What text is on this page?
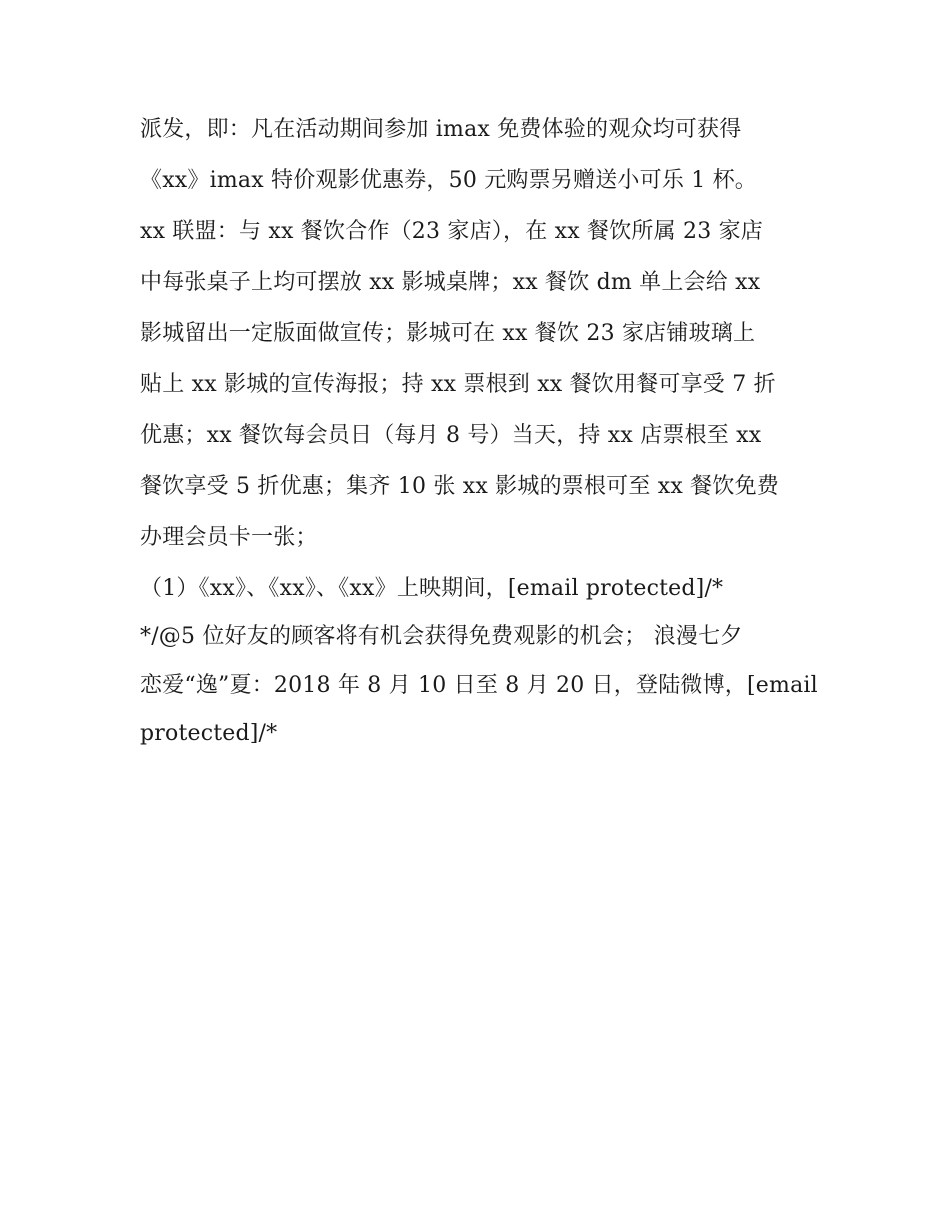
派发，即：凡在活动期间参加 imax 免费体验的观众均可获得
《xx》imax 特价观影优惠券，50 元购票另赠送小可乐 1 杯。
xx 联盟：与 xx 餐饮合作（23 家店），在 xx 餐饮所属 23 家店
中每张桌子上均可摆放 xx 影城桌牌；xx 餐饮 dm 单上会给 xx
影城留出一定版面做宣传；影城可在 xx 餐饮 23 家店铺玻璃上
贴上 xx 影城的宣传海报；持 xx 票根到 xx 餐饮用餐可享受 7 折
优惠；xx 餐饮每会员日（每月 8 号）当天，持 xx 店票根至 xx
餐饮享受 5 折优惠；集齐 10 张 xx 影城的票根可至 xx 餐饮免费
办理会员卡一张；
（1）《xx》、《xx》、《xx》上映期间，[email protected]/*
*/@5 位好友的顾客将有机会获得免费观影的机会； 浪漫七夕
恋爱“逸”夏：2018 年 8 月 10 日至 8 月 20 日，登陆微博，[email
protected]/*
